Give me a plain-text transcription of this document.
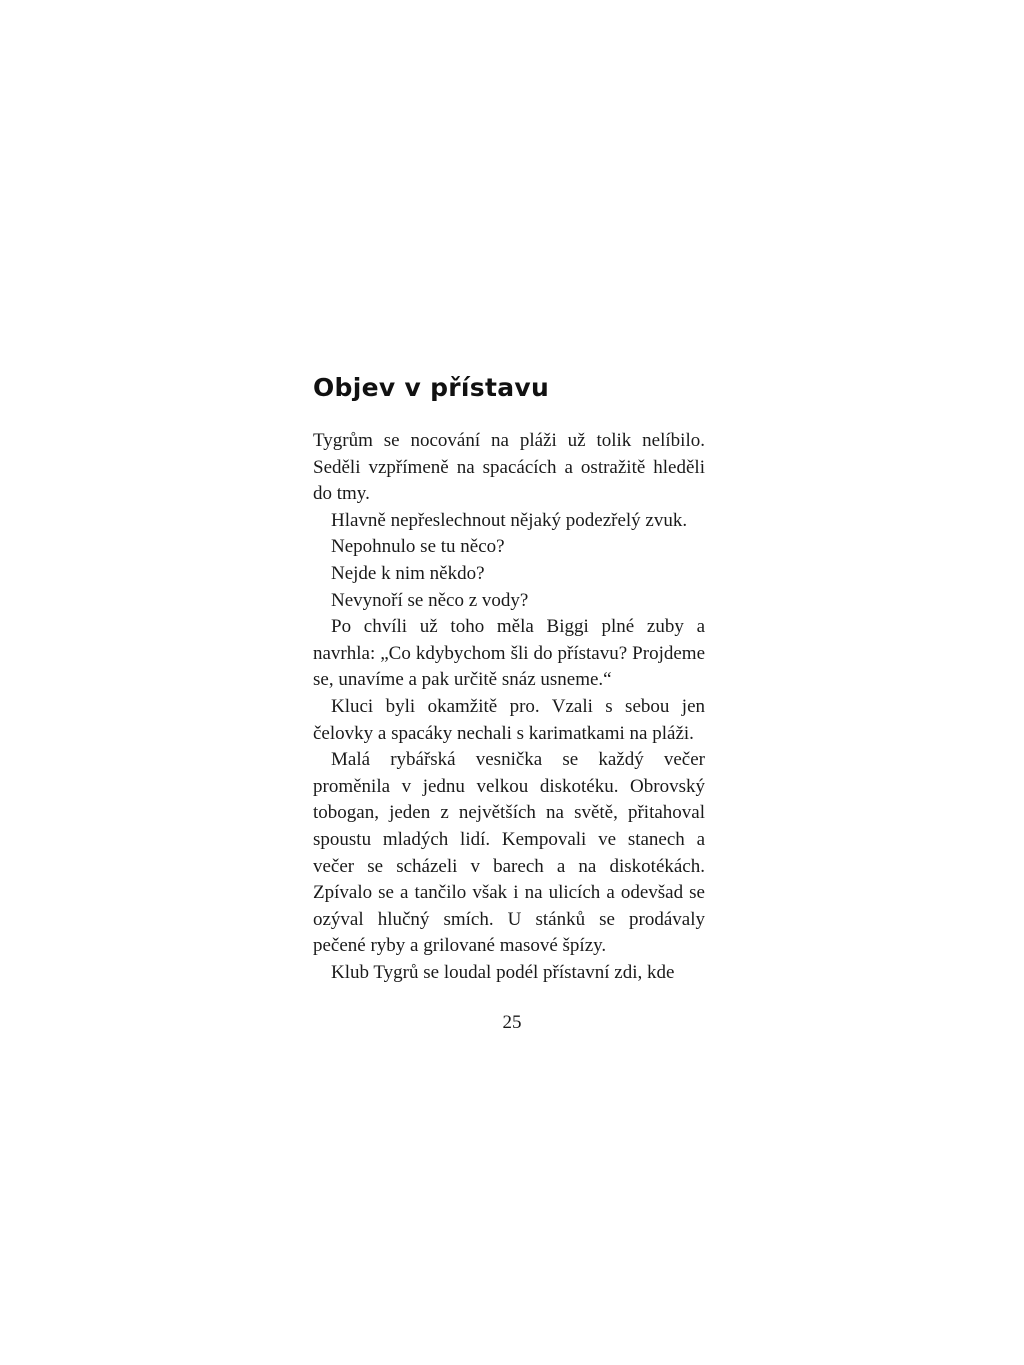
Objev v přístavu

Tygrům se nocování na pláži už tolik nelíbilo. Seděli vzpřímeně na spacácích a ostražitě hleděli do tmy.

Hlavně nepřeslechnout nějaký podezřelý zvuk.

Nepohnulo se tu něco?

Nejde k nim někdo?

Nevynoří se něco z vody?

Po chvíli už toho měla Biggi plné zuby a navrhla: „Co kdybychom šli do přístavu? Projdeme se, unavíme a pak určitě snáz usneme.“

Kluci byli okamžitě pro. Vzali s sebou jen čelovky a spacáky nechali s karimatkami na pláži.

Malá rybářská vesnička se každý večer proměnila v jednu velkou diskotéku. Obrovský tobogan, jeden z největších na světě, přitahoval spoustu mladých lidí. Kempovali ve stanech a večer se scházeli v barech a na diskotékách. Zpívalo se a tančilo však i na ulicích a odevšad se ozýval hlučný smích. U stánků se prodávaly pečené ryby a grilované masové špízy.

Klub Tygrů se loudal podél přístavní zdi, kde

25
